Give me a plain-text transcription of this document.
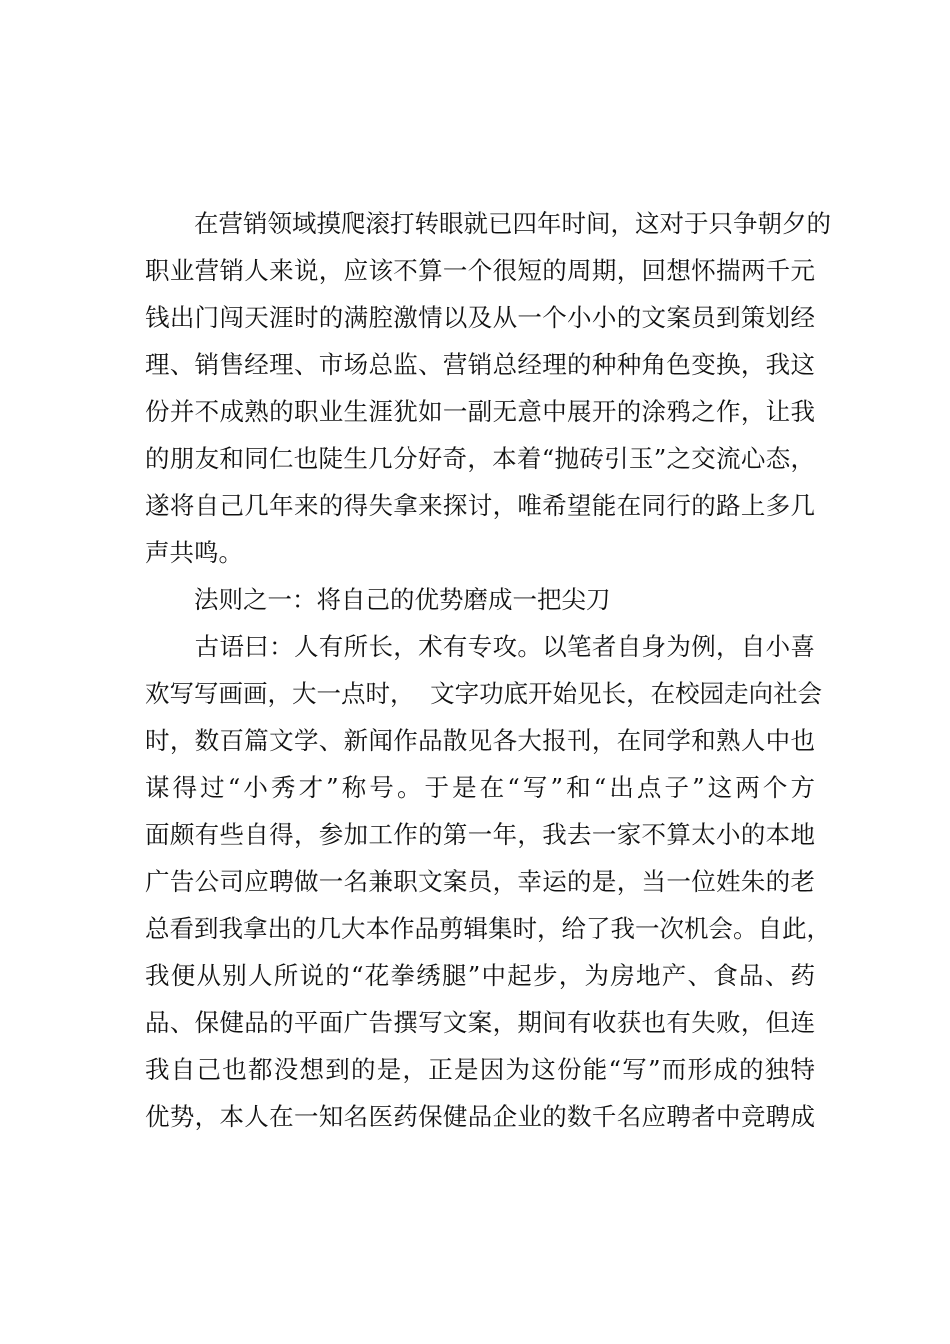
　　在营销领域摸爬滚打转眼就已四年时间，这对于只争朝夕的
职业营销人来说，应该不算一个很短的周期，回想怀揣两千元
钱出门闯天涯时的满腔激情以及从一个小小的文案员到策划经
理、销售经理、市场总监、营销总经理的种种角色变换，我这
份并不成熟的职业生涯犹如一副无意中展开的涂鸦之作，让我
的朋友和同仁也陡生几分好奇，本着“抛砖引玉”之交流心态，
遂将自己几年来的得失拿来探讨，唯希望能在同行的路上多几
声共鸣。
　　法则之一：将自己的优势磨成一把尖刀
　　古语曰：人有所长，术有专攻。以笔者自身为例，自小喜
欢写写画画，大一点时，  文字功底开始见长，在校园走向社会
时，数百篇文学、新闻作品散见各大报刊，在同学和熟人中也
谋得过“小秀才”称号。于是在“写”和“出点子”这两个方
面颇有些自得，参加工作的第一年，我去一家不算太小的本地
广告公司应聘做一名兼职文案员，幸运的是，当一位姓朱的老
总看到我拿出的几大本作品剪辑集时，给了我一次机会。自此，
我便从别人所说的“花拳绣腿”中起步，为房地产、食品、药
品、保健品的平面广告撰写文案，期间有收获也有失败，但连
我自己也都没想到的是，正是因为这份能“写”而形成的独特
优势，本人在一知名医药保健品企业的数千名应聘者中竞聘成
